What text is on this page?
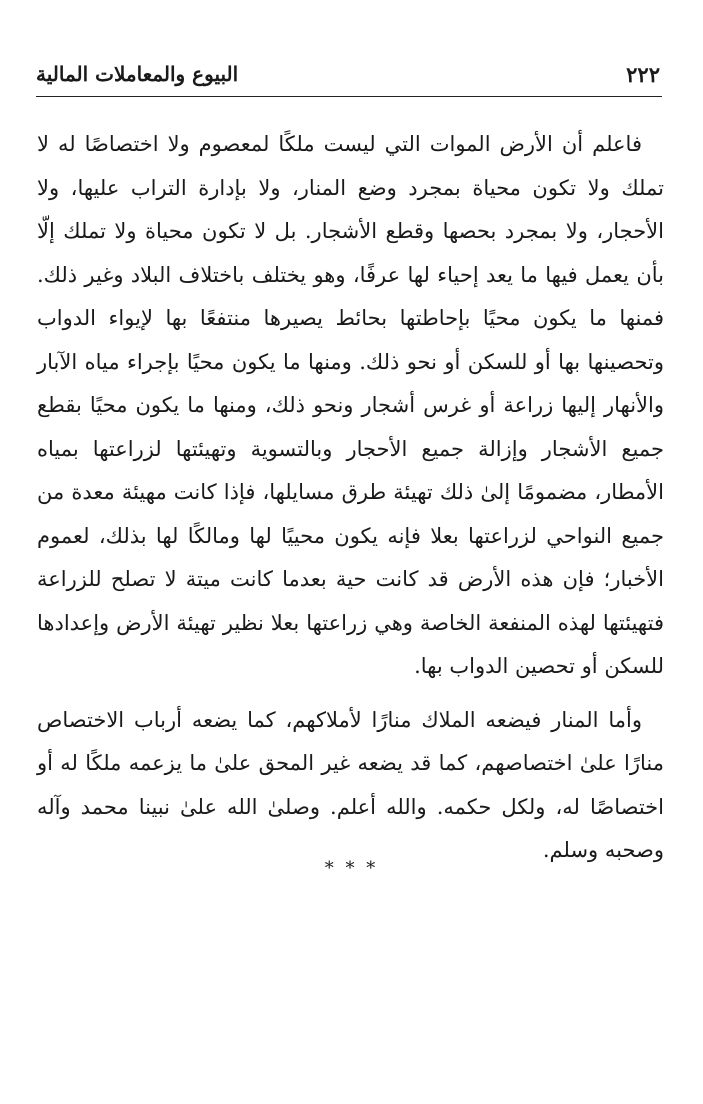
٢٢٢
البيوع والمعاملات المالية

فاعلم أن الأرض الموات التي ليست ملكًا لمعصوم ولا اختصاصًا له لا تملك ولا تكون محياة بمجرد وضع المنار، ولا بإدارة التراب عليها، ولا الأحجار، ولا بمجرد بحصها وقطع الأشجار. بل لا تكون محياة ولا تملك إلّا بأن يعمل فيها ما يعد إحياء لها عرفًا، وهو يختلف باختلاف البلاد وغير ذلك. فمنها ما يكون محيًا بإحاطتها بحائط يصيرها منتفعًا بها لإيواء الدواب وتحصينها بها أو للسكن أو نحو ذلك. ومنها ما يكون محيًا بإجراء مياه الآبار والأنهار إليها زراعة أو غرس أشجار ونحو ذلك، ومنها ما يكون محيًا بقطع جميع الأشجار وإزالة جميع الأحجار وبالتسوية وتهيئتها لزراعتها بمياه الأمطار، مضمومًا إلىٰ ذلك تهيئة طرق مسايلها، فإذا كانت مهيئة معدة من جميع النواحي لزراعتها بعلا فإنه يكون محييًا لها ومالكًا لها بذلك، لعموم الأخبار؛ فإن هذه الأرض قد كانت حية بعدما كانت ميتة لا تصلح للزراعة فتهيئتها لهذه المنفعة الخاصة وهي زراعتها بعلا نظير تهيئة الأرض وإعدادها للسكن أو تحصين الدواب بها.

وأما المنار فيضعه الملاك منارًا لأملاكهم، كما يضعه أرباب الاختصاص منارًا علىٰ اختصاصهم، كما قد يضعه غير المحق علىٰ ما يزعمه ملكًا له أو اختصاصًا له، ولكل حكمه. والله أعلم. وصلىٰ الله علىٰ نبينا محمد وآله وصحبه وسلم.

* * *
